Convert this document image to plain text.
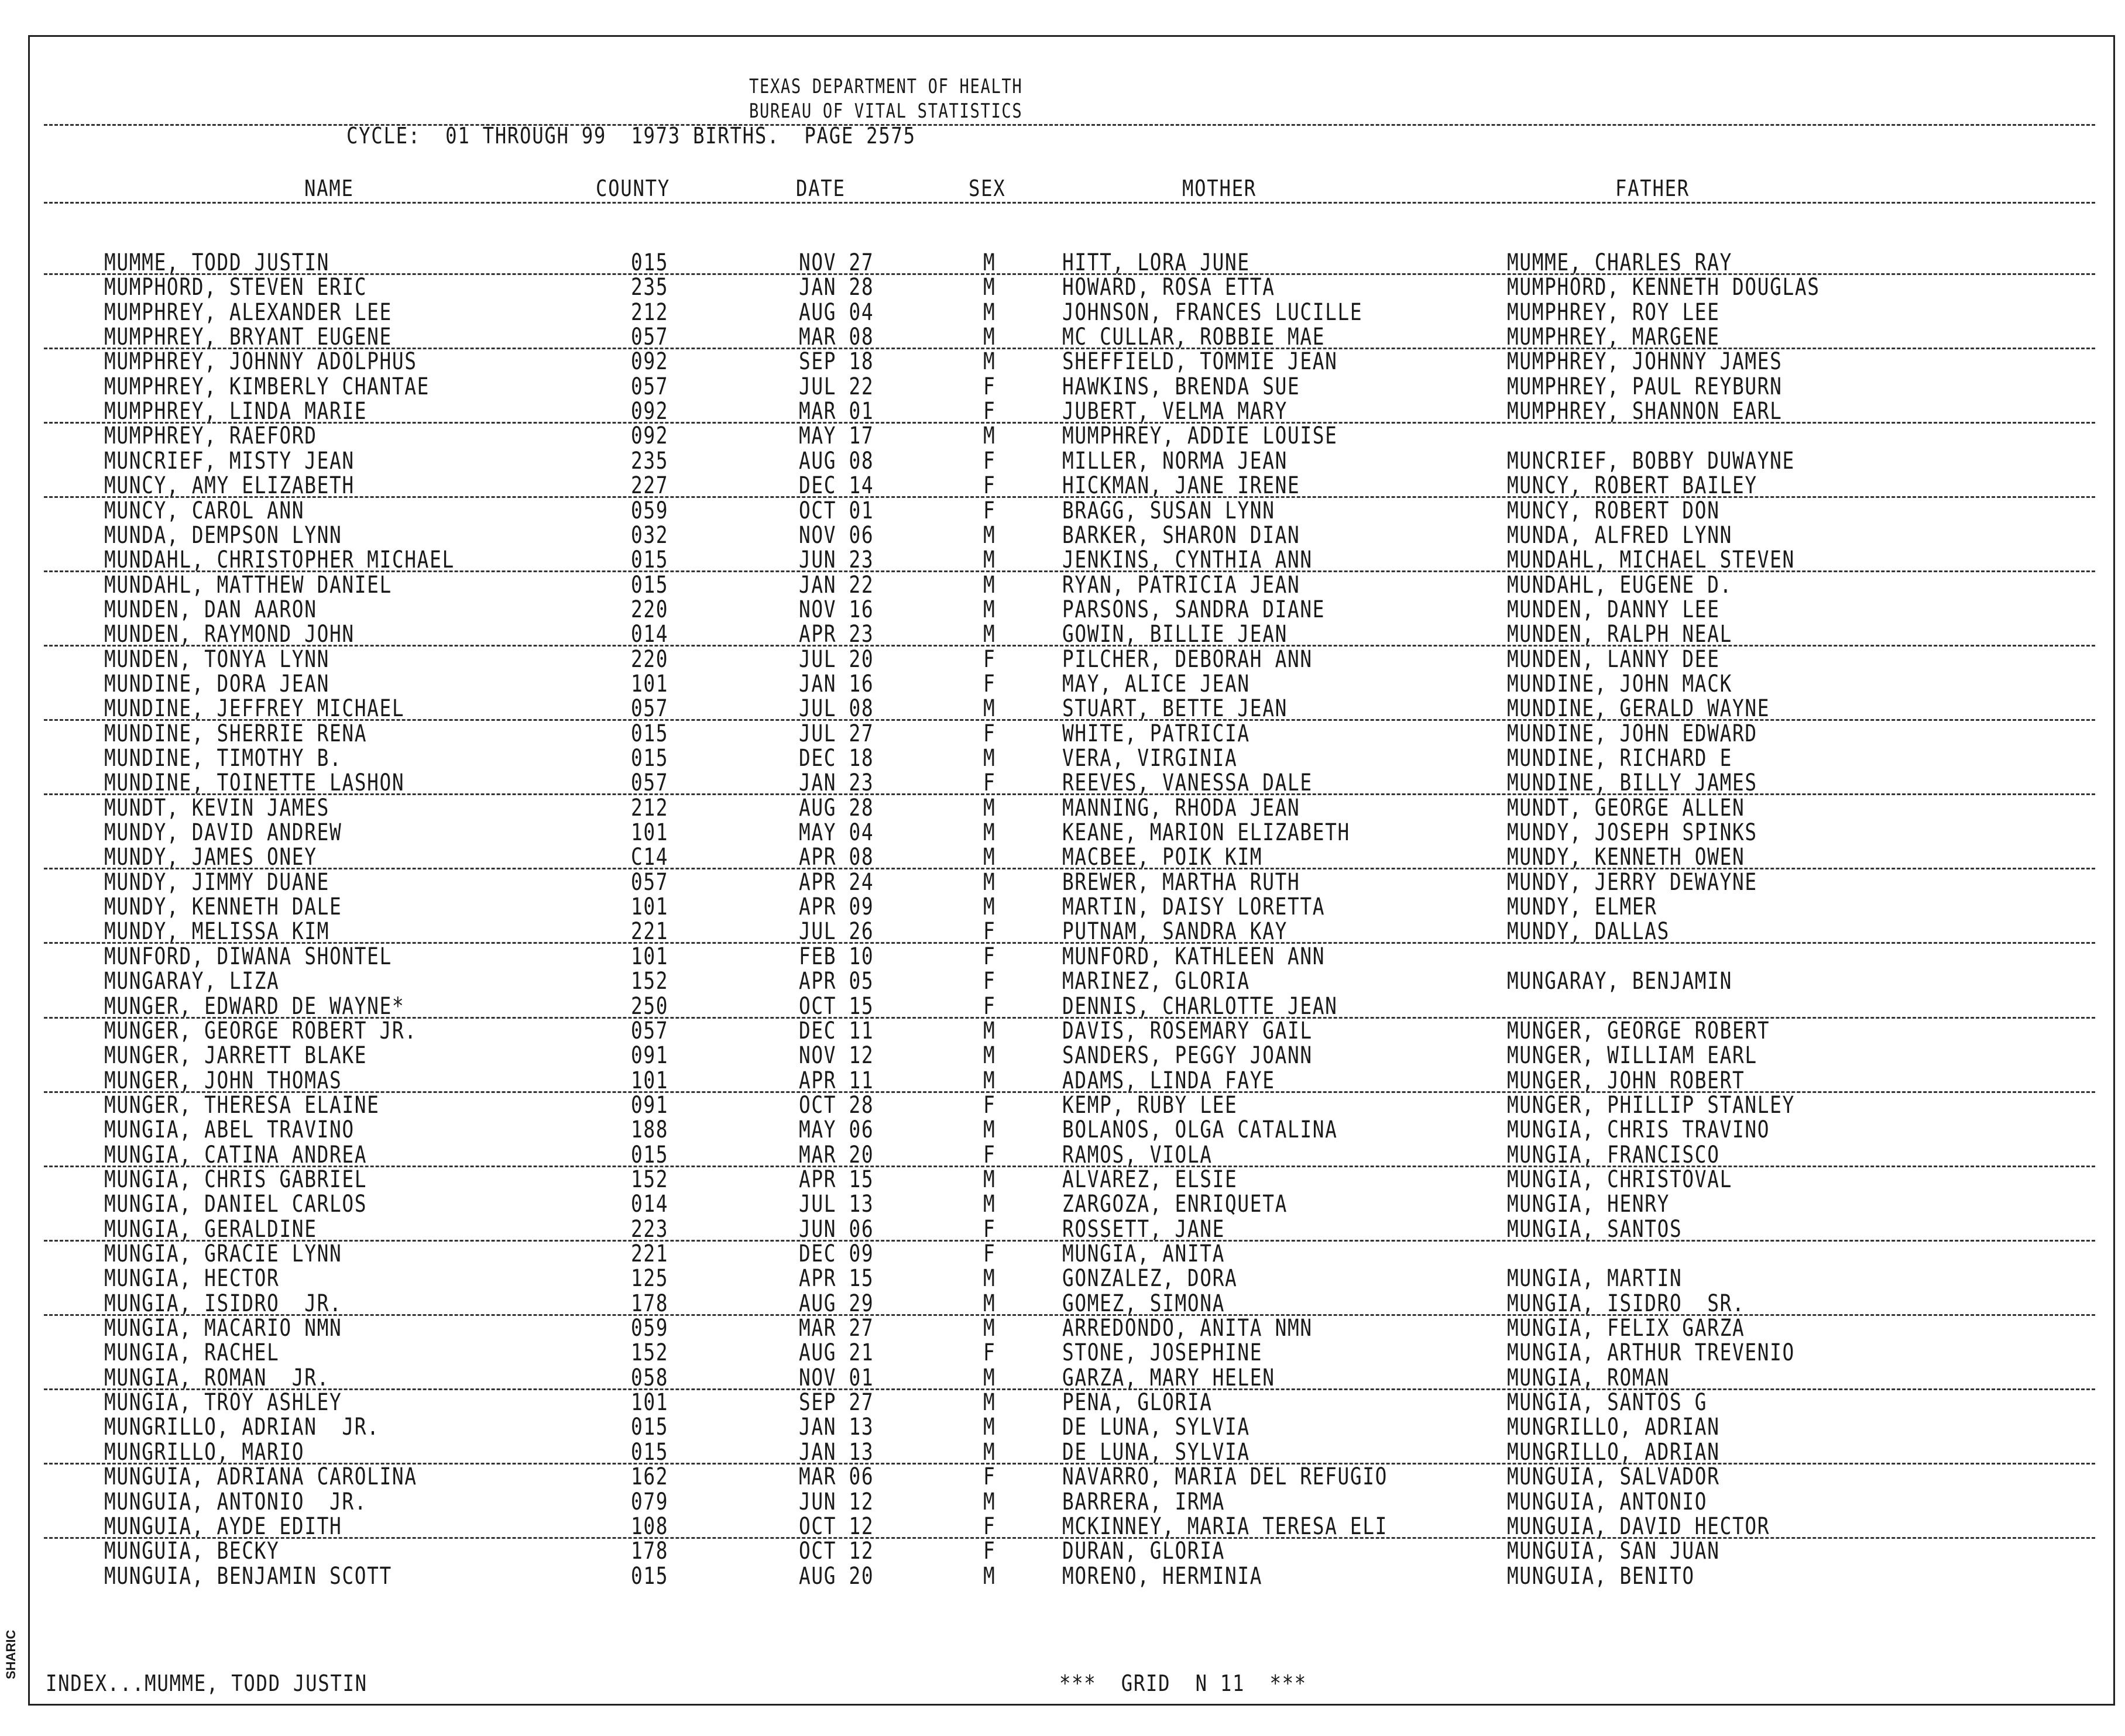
TEXAS DEPARTMENT OF HEALTH
BUREAU OF VITAL STATISTICS
CYCLE:  01 THROUGH 99  1973 BIRTHS.  PAGE 2575
NAME	COUNTY	DATE	SEX	MOTHER	FATHER
MUMME, TODD JUSTIN	015	NOV 27	M	HITT, LORA JUNE	MUMME, CHARLES RAY
MUMPHORD, STEVEN ERIC	235	JAN 28	M	HOWARD, ROSA ETTA	MUMPHORD, KENNETH DOUGLAS
MUMPHREY, ALEXANDER LEE	212	AUG 04	M	JOHNSON, FRANCES LUCILLE	MUMPHREY, ROY LEE
MUMPHREY, BRYANT EUGENE	057	MAR 08	M	MC CULLAR, ROBBIE MAE	MUMPHREY, MARGENE
MUMPHREY, JOHNNY ADOLPHUS	092	SEP 18	M	SHEFFIELD, TOMMIE JEAN	MUMPHREY, JOHNNY JAMES
MUMPHREY, KIMBERLY CHANTAE	057	JUL 22	F	HAWKINS, BRENDA SUE	MUMPHREY, PAUL REYBURN
MUMPHREY, LINDA MARIE	092	MAR 01	F	JUBERT, VELMA MARY	MUMPHREY, SHANNON EARL
MUMPHREY, RAEFORD	092	MAY 17	M	MUMPHREY, ADDIE LOUISE
MUNCRIEF, MISTY JEAN	235	AUG 08	F	MILLER, NORMA JEAN	MUNCRIEF, BOBBY DUWAYNE
MUNCY, AMY ELIZABETH	227	DEC 14	F	HICKMAN, JANE IRENE	MUNCY, ROBERT BAILEY
MUNCY, CAROL ANN	059	OCT 01	F	BRAGG, SUSAN LYNN	MUNCY, ROBERT DON
MUNDA, DEMPSON LYNN	032	NOV 06	M	BARKER, SHARON DIAN	MUNDA, ALFRED LYNN
MUNDAHL, CHRISTOPHER MICHAEL	015	JUN 23	M	JENKINS, CYNTHIA ANN	MUNDAHL, MICHAEL STEVEN
MUNDAHL, MATTHEW DANIEL	015	JAN 22	M	RYAN, PATRICIA JEAN	MUNDAHL, EUGENE D.
MUNDEN, DAN AARON	220	NOV 16	M	PARSONS, SANDRA DIANE	MUNDEN, DANNY LEE
MUNDEN, RAYMOND JOHN	014	APR 23	M	GOWIN, BILLIE JEAN	MUNDEN, RALPH NEAL
MUNDEN, TONYA LYNN	220	JUL 20	F	PILCHER, DEBORAH ANN	MUNDEN, LANNY DEE
MUNDINE, DORA JEAN	101	JAN 16	F	MAY, ALICE JEAN	MUNDINE, JOHN MACK
MUNDINE, JEFFREY MICHAEL	057	JUL 08	M	STUART, BETTE JEAN	MUNDINE, GERALD WAYNE
MUNDINE, SHERRIE RENA	015	JUL 27	F	WHITE, PATRICIA	MUNDINE, JOHN EDWARD
MUNDINE, TIMOTHY B.	015	DEC 18	M	VERA, VIRGINIA	MUNDINE, RICHARD E
MUNDINE, TOINETTE LASHON	057	JAN 23	F	REEVES, VANESSA DALE	MUNDINE, BILLY JAMES
MUNDT, KEVIN JAMES	212	AUG 28	M	MANNING, RHODA JEAN	MUNDT, GEORGE ALLEN
MUNDY, DAVID ANDREW	101	MAY 04	M	KEANE, MARION ELIZABETH	MUNDY, JOSEPH SPINKS
MUNDY, JAMES ONEY	C14	APR 08	M	MACBEE, POIK KIM	MUNDY, KENNETH OWEN
MUNDY, JIMMY DUANE	057	APR 24	M	BREWER, MARTHA RUTH	MUNDY, JERRY DEWAYNE
MUNDY, KENNETH DALE	101	APR 09	M	MARTIN, DAISY LORETTA	MUNDY, ELMER
MUNDY, MELISSA KIM	221	JUL 26	F	PUTNAM, SANDRA KAY	MUNDY, DALLAS
MUNFORD, DIWANA SHONTEL	101	FEB 10	F	MUNFORD, KATHLEEN ANN
MUNGARAY, LIZA	152	APR 05	F	MARINEZ, GLORIA	MUNGARAY, BENJAMIN
MUNGER, EDWARD DE WAYNE*	250	OCT 15	F	DENNIS, CHARLOTTE JEAN
MUNGER, GEORGE ROBERT JR.	057	DEC 11	M	DAVIS, ROSEMARY GAIL	MUNGER, GEORGE ROBERT
MUNGER, JARRETT BLAKE	091	NOV 12	M	SANDERS, PEGGY JOANN	MUNGER, WILLIAM EARL
MUNGER, JOHN THOMAS	101	APR 11	M	ADAMS, LINDA FAYE	MUNGER, JOHN ROBERT
MUNGER, THERESA ELAINE	091	OCT 28	F	KEMP, RUBY LEE	MUNGER, PHILLIP STANLEY
MUNGIA, ABEL TRAVINO	188	MAY 06	M	BOLANOS, OLGA CATALINA	MUNGIA, CHRIS TRAVINO
MUNGIA, CATINA ANDREA	015	MAR 20	F	RAMOS, VIOLA	MUNGIA, FRANCISCO
MUNGIA, CHRIS GABRIEL	152	APR 15	M	ALVAREZ, ELSIE	MUNGIA, CHRISTOVAL
MUNGIA, DANIEL CARLOS	014	JUL 13	M	ZARGOZA, ENRIQUETA	MUNGIA, HENRY
MUNGIA, GERALDINE	223	JUN 06	F	ROSSETT, JANE	MUNGIA, SANTOS
MUNGIA, GRACIE LYNN	221	DEC 09	F	MUNGIA, ANITA
MUNGIA, HECTOR	125	APR 15	M	GONZALEZ, DORA	MUNGIA, MARTIN
MUNGIA, ISIDRO  JR.	178	AUG 29	M	GOMEZ, SIMONA	MUNGIA, ISIDRO  SR.
MUNGIA, MACARIO NMN	059	MAR 27	M	ARREDONDO, ANITA NMN	MUNGIA, FELIX GARZA
MUNGIA, RACHEL	152	AUG 21	F	STONE, JOSEPHINE	MUNGIA, ARTHUR TREVENIO
MUNGIA, ROMAN  JR.	058	NOV 01	M	GARZA, MARY HELEN	MUNGIA, ROMAN
MUNGIA, TROY ASHLEY	101	SEP 27	M	PENA, GLORIA	MUNGIA, SANTOS G
MUNGRILLO, ADRIAN  JR.	015	JAN 13	M	DE LUNA, SYLVIA	MUNGRILLO, ADRIAN
MUNGRILLO, MARIO	015	JAN 13	M	DE LUNA, SYLVIA	MUNGRILLO, ADRIAN
MUNGUIA, ADRIANA CAROLINA	162	MAR 06	F	NAVARRO, MARIA DEL REFUGIO	MUNGUIA, SALVADOR
MUNGUIA, ANTONIO  JR.	079	JUN 12	M	BARRERA, IRMA	MUNGUIA, ANTONIO
MUNGUIA, AYDE EDITH	108	OCT 12	F	MCKINNEY, MARIA TERESA ELI	MUNGUIA, DAVID HECTOR
MUNGUIA, BECKY	178	OCT 12	F	DURAN, GLORIA	MUNGUIA, SAN JUAN
MUNGUIA, BENJAMIN SCOTT	015	AUG 20	M	MORENO, HERMINIA	MUNGUIA, BENITO
INDEX...MUMME, TODD JUSTIN	***  GRID  N 11  ***
SHARIC
